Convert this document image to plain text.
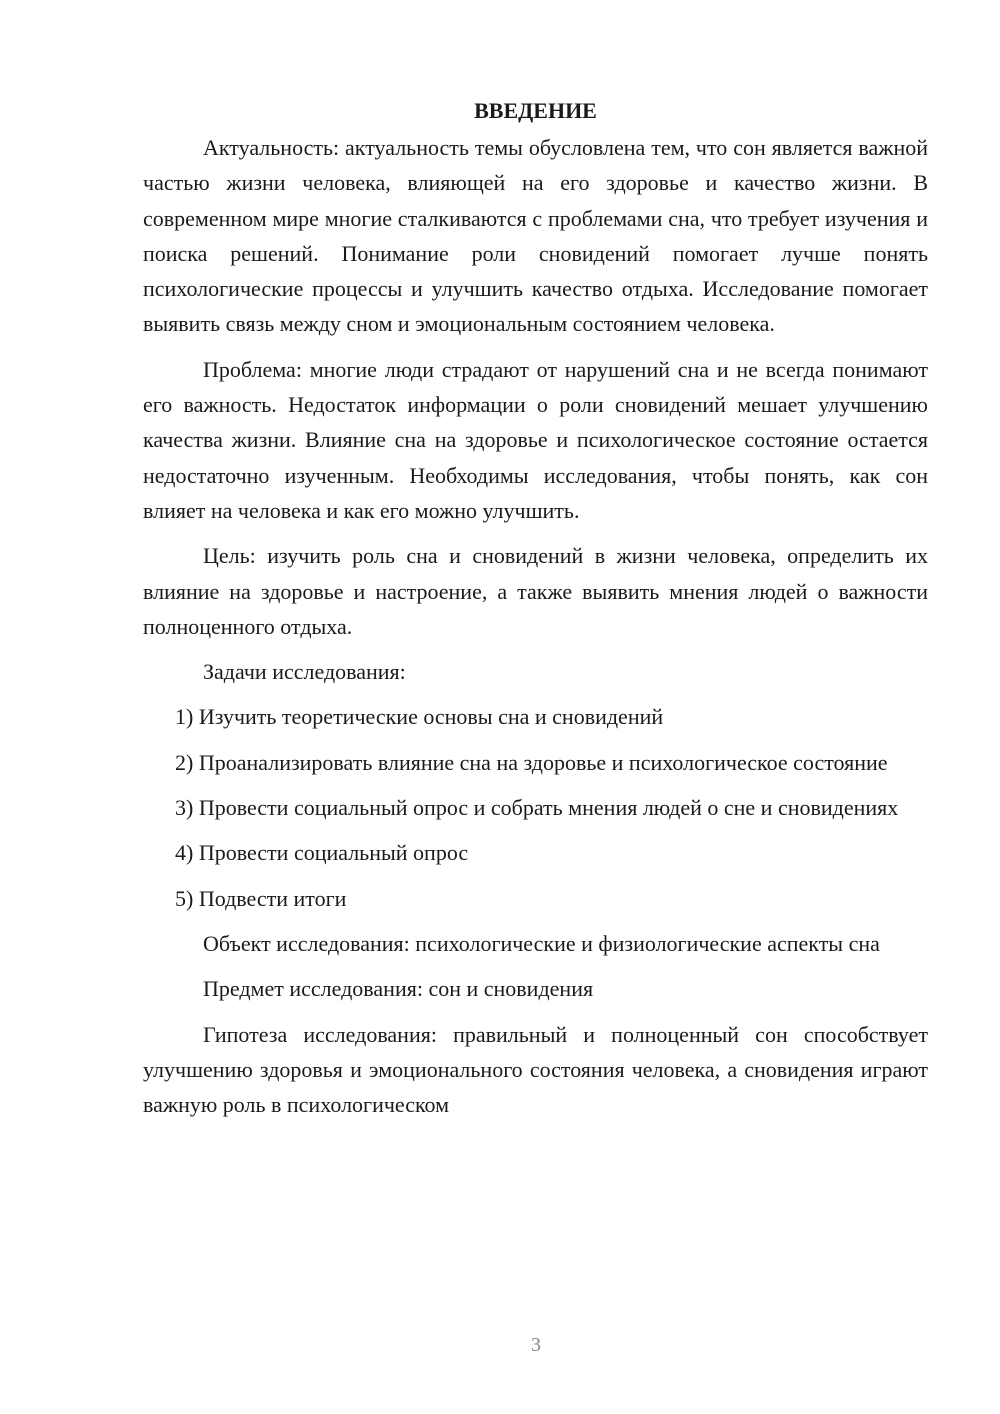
ВВЕДЕНИЕ

Актуальность: актуальность темы обусловлена тем, что сон является важной частью жизни человека, влияющей на его здоровье и качество жизни. В современном мире многие сталкиваются с проблемами сна, что требует изучения и поиска решений. Понимание роли сновидений помогает лучше понять психологические процессы и улучшить качество отдыха. Исследование помогает выявить связь между сном и эмоциональным состоянием человека.

Проблема: многие люди страдают от нарушений сна и не всегда понимают его важность. Недостаток информации о роли сновидений мешает улучшению качества жизни. Влияние сна на здоровье и психологическое состояние остается недостаточно изученным. Необходимы исследования, чтобы понять, как сон влияет на человека и как его можно улучшить.

Цель: изучить роль сна и сновидений в жизни человека, определить их влияние на здоровье и настроение, а также выявить мнения людей о важности полноценного отдыха.

Задачи исследования:

1) Изучить теоретические основы сна и сновидений

2) Проанализировать влияние сна на здоровье и психологическое состояние

3) Провести социальный опрос и собрать мнения людей о сне и сновидениях

4) Провести социальный опрос

5) Подвести итоги

Объект исследования: психологические и физиологические аспекты сна

Предмет исследования: сон и сновидения

Гипотеза исследования: правильный и полноценный сон способствует улучшению здоровья и эмоционального состояния человека, а сновидения играют важную роль в психологическом

3
